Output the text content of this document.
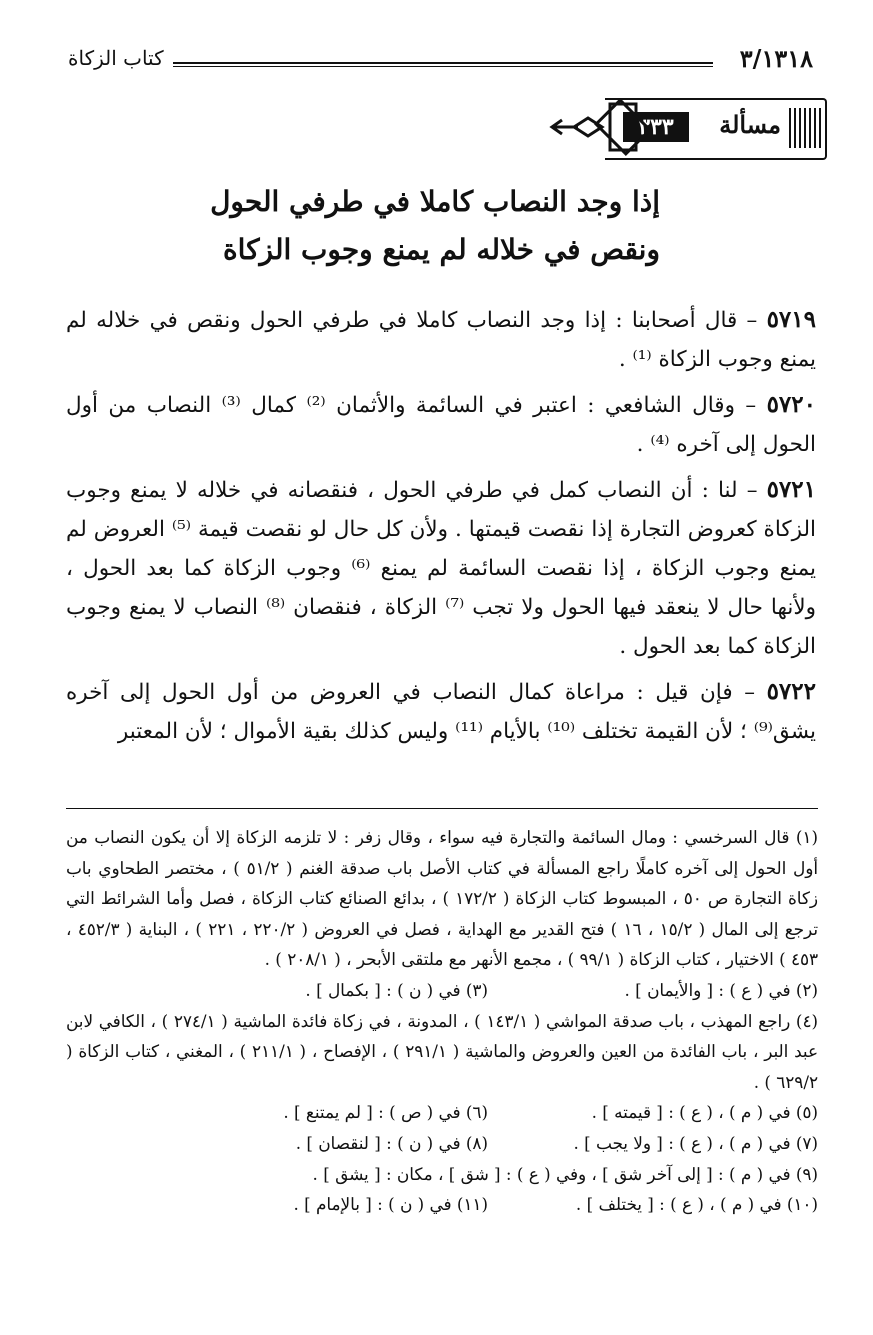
٣/١٣١٨
كتاب الزكاة
مسألة
٣٣٣
إذا وجد النصاب كاملا في طرفي الحول
ونقص في خلاله لم يمنع وجوب الزكاة

٥٧١٩ – قال أصحابنا : إذا وجد النصاب كاملا في طرفي الحول ونقص في خلاله لم يمنع وجوب الزكاة ⁽¹⁾ .

٥٧٢٠ – وقال الشافعي : اعتبر في السائمة والأثمان ⁽²⁾ كمال ⁽³⁾ النصاب من أول الحول إلى آخره ⁽⁴⁾ .

٥٧٢١ – لنا : أن النصاب كمل في طرفي الحول ، فنقصانه في خلاله لا يمنع وجوب الزكاة كعروض التجارة إذا نقصت قيمتها . ولأن كل حال لو نقصت قيمة ⁽⁵⁾ العروض لم يمنع وجوب الزكاة ، إذا نقصت السائمة لم يمنع ⁽⁶⁾ وجوب الزكاة كما بعد الحول ، ولأنها حال لا ينعقد فيها الحول ولا تجب ⁽⁷⁾ الزكاة ، فنقصان ⁽⁸⁾ النصاب لا يمنع وجوب الزكاة كما بعد الحول .

٥٧٢٢ – فإن قيل : مراعاة كمال النصاب في العروض من أول الحول إلى آخره يشق⁽⁹⁾ ؛ لأن القيمة تختلف ⁽¹⁰⁾ بالأيام ⁽¹¹⁾ وليس كذلك بقية الأموال ؛ لأن المعتبر

(١) قال السرخسي : ومال السائمة والتجارة فيه سواء ، وقال زفر : لا تلزمه الزكاة إلا أن يكون النصاب من أول الحول إلى آخره كاملًا راجع المسألة في كتاب الأصل باب صدقة الغنم ( ٥١/٢ ) ، مختصر الطحاوي باب زكاة التجارة ص ٥٠ ، المبسوط كتاب الزكاة ( ١٧٢/٢ ) ، بدائع الصنائع كتاب الزكاة ، فصل وأما الشرائط التي ترجع إلى المال ( ١٥/٢ ، ١٦ ) فتح القدير مع الهداية ، فصل في العروض ( ٢٢٠/٢ ، ٢٢١ ) ، البناية ( ٤٥٢/٣ ، ٤٥٣ ) الاختيار ، كتاب الزكاة ( ٩٩/١ ) ، مجمع الأنهر مع ملتقى الأبحر ، ( ٢٠٨/١ ) .

(٢) في ( ع ) : [ والأيمان ] .

(٣) في ( ن ) : [ بكمال ] .

(٤) راجع المهذب ، باب صدقة المواشي ( ١٤٣/١ ) ، المدونة ، في زكاة فائدة الماشية ( ٢٧٤/١ ) ، الكافي لابن عبد البر ، باب الفائدة من العين والعروض والماشية ( ٢٩١/١ ) ، الإفصاح ، ( ٢١١/١ ) ، المغني ، كتاب الزكاة ( ٦٢٩/٢ ) .

(٥) في ( م ) ، ( ع ) : [ قيمته ] .

(٦) في ( ص ) : [ لم يمتنع ] .

(٧) في ( م ) ، ( ع ) : [ ولا يجب ] .

(٨) في ( ن ) : [ لنقصان ] .

(٩) في ( م ) : [ إلى آخر شق ] ، وفي ( ع ) : [ شق ] ، مكان : [ يشق ] .

(١٠) في ( م ) ، ( ع ) : [ يختلف ] .

(١١) في ( ن ) : [ بالإمام ] .
